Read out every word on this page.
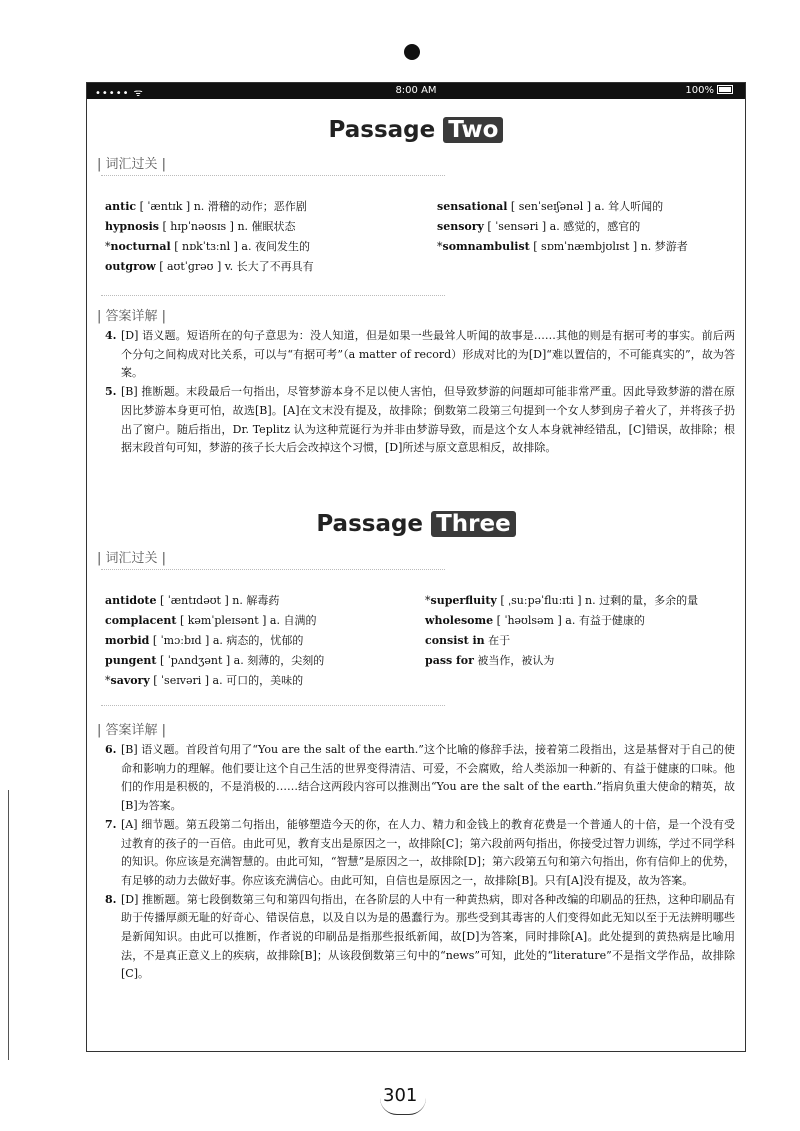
••••• ᯤ	8:00 AM	100%
Passage Two
| 词汇过关 |
antic [ ˈæntɪk ] n. 滑稽的动作；恶作剧
hypnosis [ hɪpˈnəʊsɪs ] n. 催眠状态
*nocturnal [ nɒkˈtɜːnl ] a. 夜间发生的
outgrow [ aʊtˈgrəʊ ] v. 长大了不再具有
sensational [ senˈseɪʃənəl ] a. 耸人听闻的
sensory [ ˈsensəri ] a. 感觉的，感官的
*somnambulist [ sɒmˈnæmbjʊlɪst ] n. 梦游者
| 答案详解 |
4. [D] 语义题。短语所在的句子意思为：没人知道，但是如果一些最耸人听闻的故事是……其他的则是有据可考的事实。前后两个分句之间构成对比关系，可以与“有据可考”（a matter of record）形成对比的为[D]“难以置信的，不可能真实的”，故为答案。
5. [B] 推断题。末段最后一句指出，尽管梦游本身不足以使人害怕，但导致梦游的问题却可能非常严重。因此导致梦游的潜在原因比梦游本身更可怕，故选[B]。[A]在文末没有提及，故排除；倒数第二段第三句提到一个女人梦到房子着火了，并将孩子扔出了窗户。随后指出，Dr. Teplitz 认为这种荒诞行为并非由梦游导致，而是这个女人本身就神经错乱，[C]错误，故排除；根据末段首句可知，梦游的孩子长大后会改掉这个习惯，[D]所述与原文意思相反，故排除。
Passage Three
| 词汇过关 |
antidote [ ˈæntɪdəʊt ] n. 解毒药
complacent [ kəmˈpleɪsənt ] a. 自满的
morbid [ ˈmɔːbɪd ] a. 病态的，忧郁的
pungent [ ˈpʌndʒənt ] a. 刻薄的，尖刻的
*savory [ ˈseɪvəri ] a. 可口的，美味的
*superfluity [ ˌsuːpəˈfluːɪti ] n. 过剩的量，多余的量
wholesome [ ˈhəʊlsəm ] a. 有益于健康的
consist in 在于
pass for 被当作，被认为
| 答案详解 |
6. [B] 语义题。首段首句用了“You are the salt of the earth.”这个比喻的修辞手法，接着第二段指出，这是基督对于自己的使命和影响力的理解。他们要让这个自己生活的世界变得清洁、可爱，不会腐败，给人类添加一种新的、有益于健康的口味。他们的作用是积极的，不是消极的……结合这两段内容可以推测出“You are the salt of the earth.”指肩负重大使命的精英，故[B]为答案。
7. [A] 细节题。第五段第二句指出，能够塑造今天的你，在人力、精力和金钱上的教育花费是一个普通人的十倍，是一个没有受过教育的孩子的一百倍。由此可见，教育支出是原因之一，故排除[C]；第六段前两句指出，你接受过智力训练，学过不同学科的知识。你应该是充满智慧的。由此可知，“智慧”是原因之一，故排除[D]；第六段第五句和第六句指出，你有信仰上的优势，有足够的动力去做好事。你应该充满信心。由此可知，自信也是原因之一，故排除[B]。只有[A]没有提及，故为答案。
8. [D] 推断题。第七段倒数第三句和第四句指出，在各阶层的人中有一种黄热病，即对各种改编的印刷品的狂热，这种印刷品有助于传播厚颜无耻的好奇心、错误信息，以及自以为是的愚蠢行为。那些受到其毒害的人们变得如此无知以至于无法辨明哪些是新闻知识。由此可以推断，作者说的印刷品是指那些报纸新闻，故[D]为答案，同时排除[A]。此处提到的黄热病是比喻用法，不是真正意义上的疾病，故排除[B]；从该段倒数第三句中的“news”可知，此处的“literature”不是指文学作品，故排除[C]。
301
